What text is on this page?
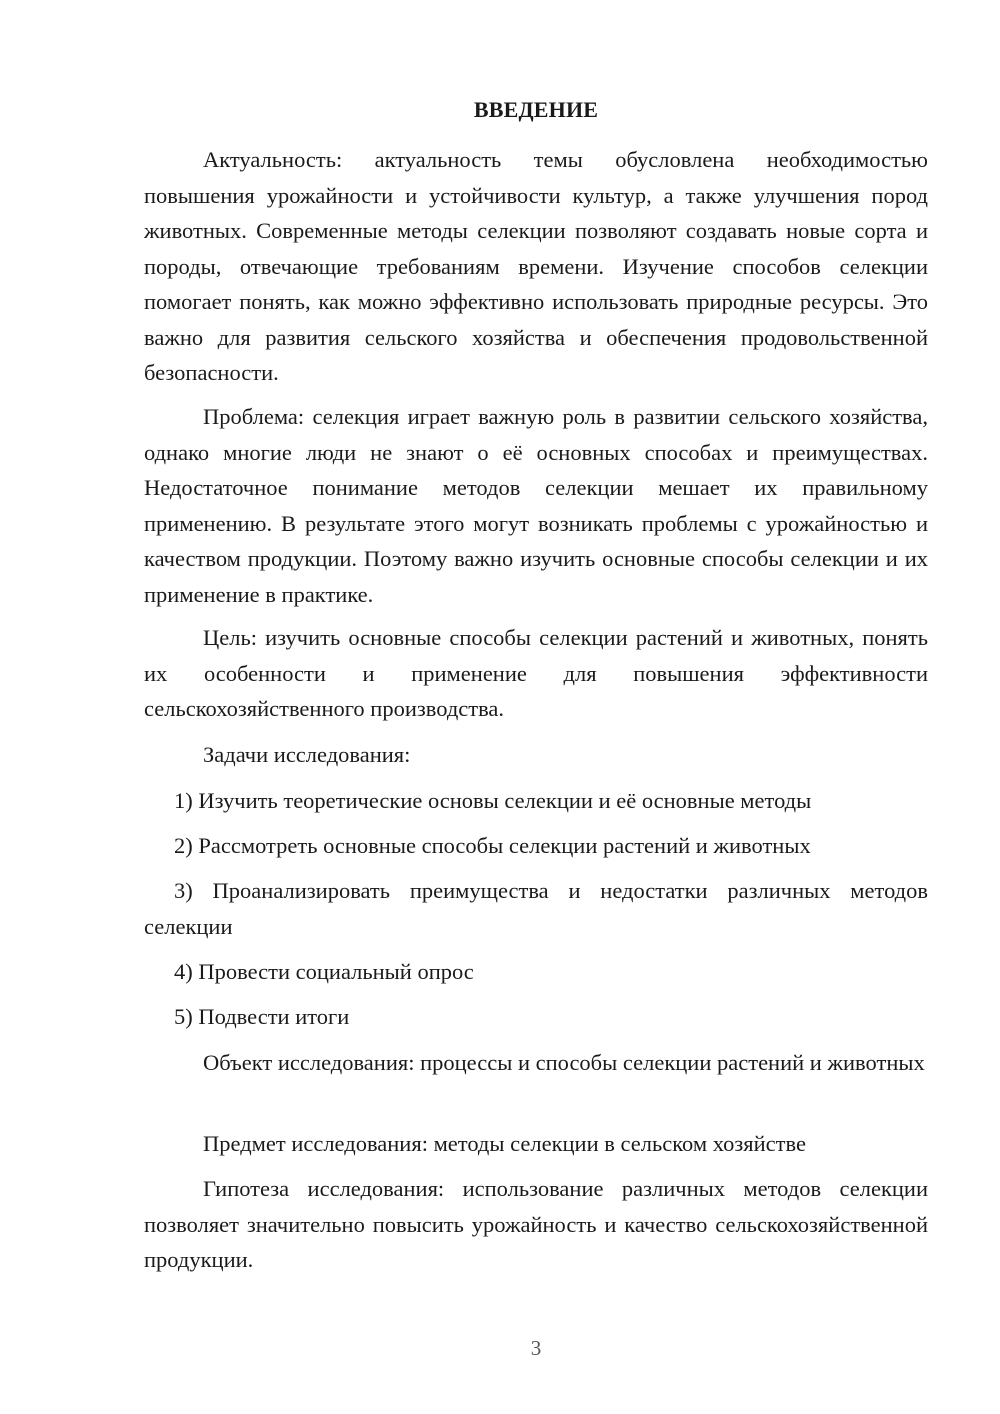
ВВЕДЕНИЕ
Актуальность: актуальность темы обусловлена необходимостью повышения урожайности и устойчивости культур, а также улучшения пород животных. Современные методы селекции позволяют создавать новые сорта и породы, отвечающие требованиям времени. Изучение способов селекции помогает понять, как можно эффективно использовать природные ресурсы. Это важно для развития сельского хозяйства и обеспечения продовольственной безопасности.
Проблема: селекция играет важную роль в развитии сельского хозяйства, однако многие люди не знают о её основных способах и преимуществах. Недостаточное понимание методов селекции мешает их правильному применению. В результате этого могут возникать проблемы с урожайностью и качеством продукции. Поэтому важно изучить основные способы селекции и их применение в практике.
Цель: изучить основные способы селекции растений и животных, понять их особенности и применение для повышения эффективности сельскохозяйственного производства.
Задачи исследования:
1) Изучить теоретические основы селекции и её основные методы
2) Рассмотреть основные способы селекции растений и животных
3) Проанализировать преимущества и недостатки различных методов селекции
4) Провести социальный опрос
5) Подвести итоги
Объект исследования: процессы и способы селекции растений и животных
Предмет исследования: методы селекции в сельском хозяйстве
Гипотеза исследования: использование различных методов селекции позволяет значительно повысить урожайность и качество сельскохозяйственной продукции.
3
